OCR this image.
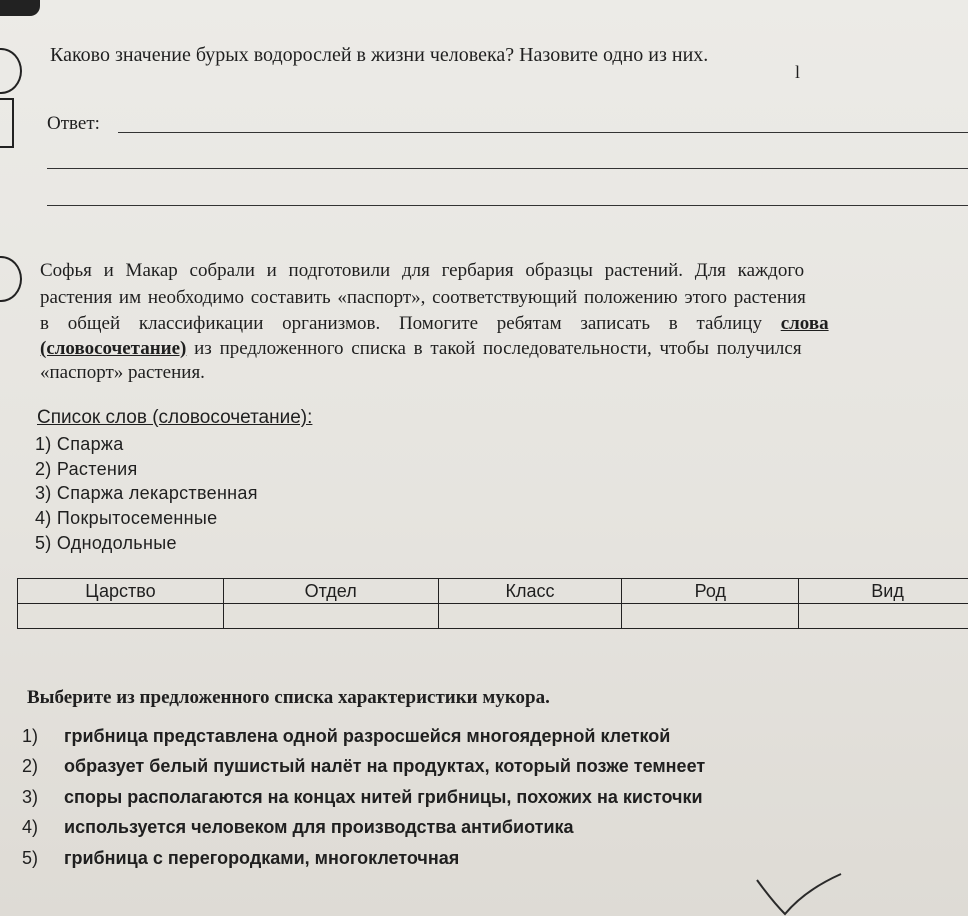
Каково значение бурых водорослей в жизни человека? Назовите одно из них.
l
Ответ:
Софья и Макар собрали и подготовили для гербария образцы растений. Для каждого
растения им необходимо составить «паспорт», соответствующий положению этого растения
в общей классификации организмов. Помогите ребятам записать в таблицу слова
(словосочетание) из предложенного списка в такой последовательности, чтобы получился
«паспорт» растения.
Список слов (словосочетание):
1) Спаржа
2) Растения
3) Спаржа лекарственная
4) Покрытосеменные
5) Однодольные
Царство	Отдел	Класс	Род	Вид

Выберите из предложенного списка характеристики мукора.
1) грибница представлена одной разросшейся многоядерной клеткой
2) образует белый пушистый налёт на продуктах, который позже темнеет
3) споры располагаются на концах нитей грибницы, похожих на кисточки
4) используется человеком для производства антибиотика
5) грибница с перегородками, многоклеточная
